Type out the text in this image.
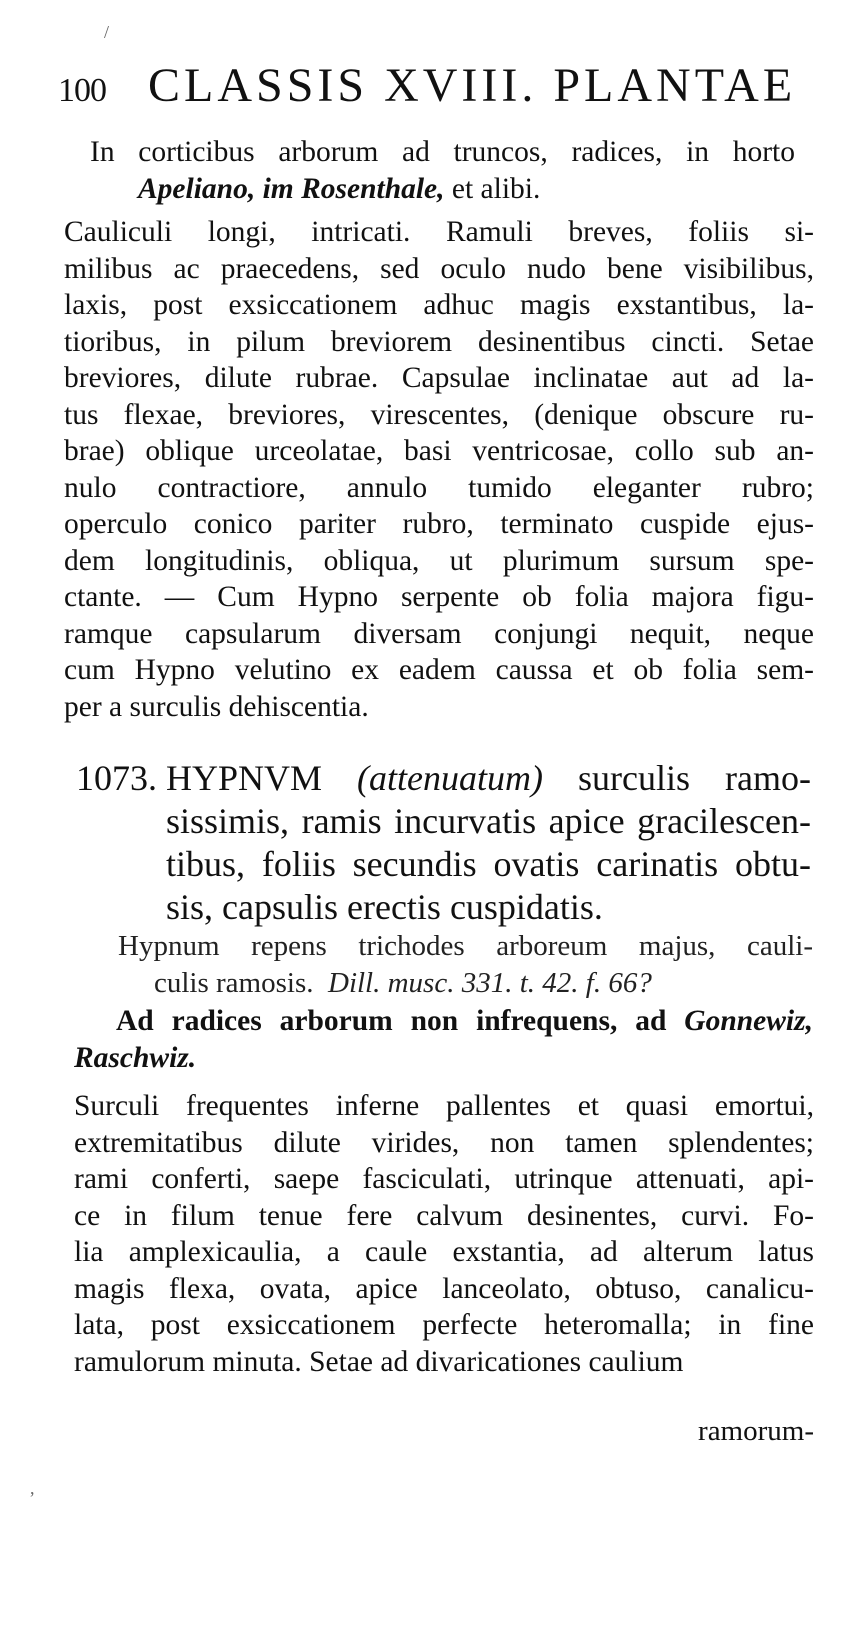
/
100 CLASSIS XVIII. PLANTAE
In corticibus arborum ad truncos, radices, in horto
Apeliano, im Rosenthale, et alibi.
Cauliculi longi, intricati. Ramuli breves, foliis si-
milibus ac praecedens, sed oculo nudo bene visibilibus,
laxis, post exsiccationem adhuc magis exstantibus, la-
tioribus, in pilum breviorem desinentibus cincti. Setae
breviores, dilute rubrae. Capsulae inclinatae aut ad la-
tus flexae, breviores, virescentes, (denique obscure ru-
brae) oblique urceolatae, basi ventricosae, collo sub an-
nulo contractiore, annulo tumido eleganter rubro;
operculo conico pariter rubro, terminato cuspide ejus-
dem longitudinis, obliqua, ut plurimum sursum spe-
ctante. — Cum Hypno serpente ob folia majora figu-
ramque capsularum diversam conjungi nequit, neque
cum Hypno velutino ex eadem caussa et ob folia sem-
per a surculis dehiscentia.
1073. HYPNVM (attenuatum) surculis ramo-
sissimis, ramis incurvatis apice gracilescen-
tibus, foliis secundis ovatis carinatis obtu-
sis, capsulis erectis cuspidatis.
Hypnum repens trichodes arboreum majus, cauli-
culis ramosis. Dill. musc. 331. t. 42. f. 66?
Ad radices arborum non infrequens, ad Gonnewiz,
Raschwiz.
Surculi frequentes inferne pallentes et quasi emortui,
extremitatibus dilute virides, non tamen splendentes;
rami conferti, saepe fasciculati, utrinque attenuati, api-
ce in filum tenue fere calvum desinentes, curvi. Fo-
lia amplexicaulia, a caule exstantia, ad alterum latus
magis flexa, ovata, apice lanceolato, obtuso, canalicu-
lata, post exsiccationem perfecte heteromalla; in fine
ramulorum minuta. Setae ad divaricationes caulium
ramorum-
,
